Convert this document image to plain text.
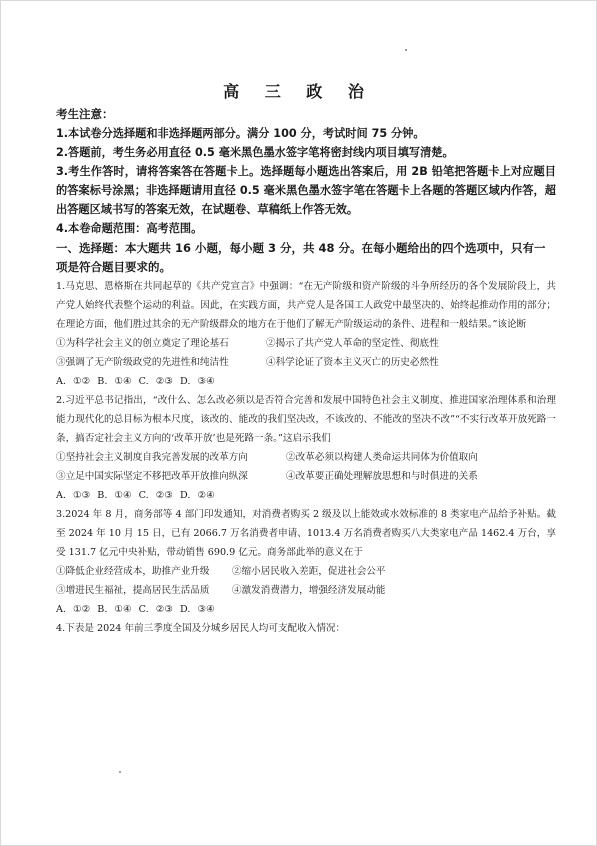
高 三 政 治
考生注意：
1.本试卷分选择题和非选择题两部分。满分 100 分，考试时间 75 分钟。
2.答题前，考生务必用直径 0.5 毫米黑色墨水签字笔将密封线内项目填写清楚。
3.考生作答时，请将答案答在答题卡上。选择题每小题选出答案后，用 2B 铅笔把答题卡上对应题目的答案标号涂黑；非选择题请用直径 0.5 毫米黑色墨水签字笔在答题卡上各题的答题区域内作答，超出答题区域书写的答案无效，在试题卷、草稿纸上作答无效。
4.本卷命题范围：高考范围。
一、选择题：本大题共 16 小题，每小题 3 分，共 48 分。在每小题给出的四个选项中，只有一项是符合题目要求的。
1.马克思、恩格斯在共同起草的《共产党宣言》中强调：“在无产阶级和资产阶级的斗争所经历的各个发展阶段上，共产党人始终代表整个运动的利益。因此，在实践方面，共产党人是各国工人政党中最坚决的、始终起推动作用的部分；在理论方面，他们胜过其余的无产阶级群众的地方在于他们了解无产阶级运动的条件、进程和一般结果。”该论断
①为科学社会主义的创立奠定了理论基石	②揭示了共产党人革命的坚定性、彻底性
③强调了无产阶级政党的先进性和纯洁性	④科学论证了资本主义灭亡的历史必然性
A. ①② B. ①④ C. ②③ D. ③④
2.习近平总书记指出，“改什么、怎么改必须以是否符合完善和发展中国特色社会主义制度、推进国家治理体系和治理能力现代化的总目标为根本尺度，该改的、能改的我们坚决改，不该改的、不能改的坚决不改”“不实行改革开放死路一条，搞否定社会主义方向的‘改革开放’也是死路一条。”这启示我们
①坚持社会主义制度自我完善发展的改革方向	②改革必须以构建人类命运共同体为价值取向
③立足中国实际坚定不移把改革开放推向纵深	④改革要正确处理解放思想和与时俱进的关系
A. ①③ B. ①④ C. ②③ D. ②④
3.2024 年 8 月，商务部等 4 部门印发通知，对消费者购买 2 级及以上能效或水效标准的 8 类家电产品给予补贴。截至 2024 年 10 月 15 日，已有 2066.7 万名消费者申请、1013.4 万名消费者购买八大类家电产品 1462.4 万台，享受 131.7 亿元中央补贴，带动销售 690.9 亿元。商务部此举的意义在于
①降低企业经营成本，助推产业升级	②缩小居民收入差距，促进社会公平
③增进民生福祉，提高居民生活品质	④激发消费潜力，增强经济发展动能
A. ①② B. ①④ C. ②③ D. ③④
4.下表是 2024 年前三季度全国及分城乡居民人均可支配收入情况：
